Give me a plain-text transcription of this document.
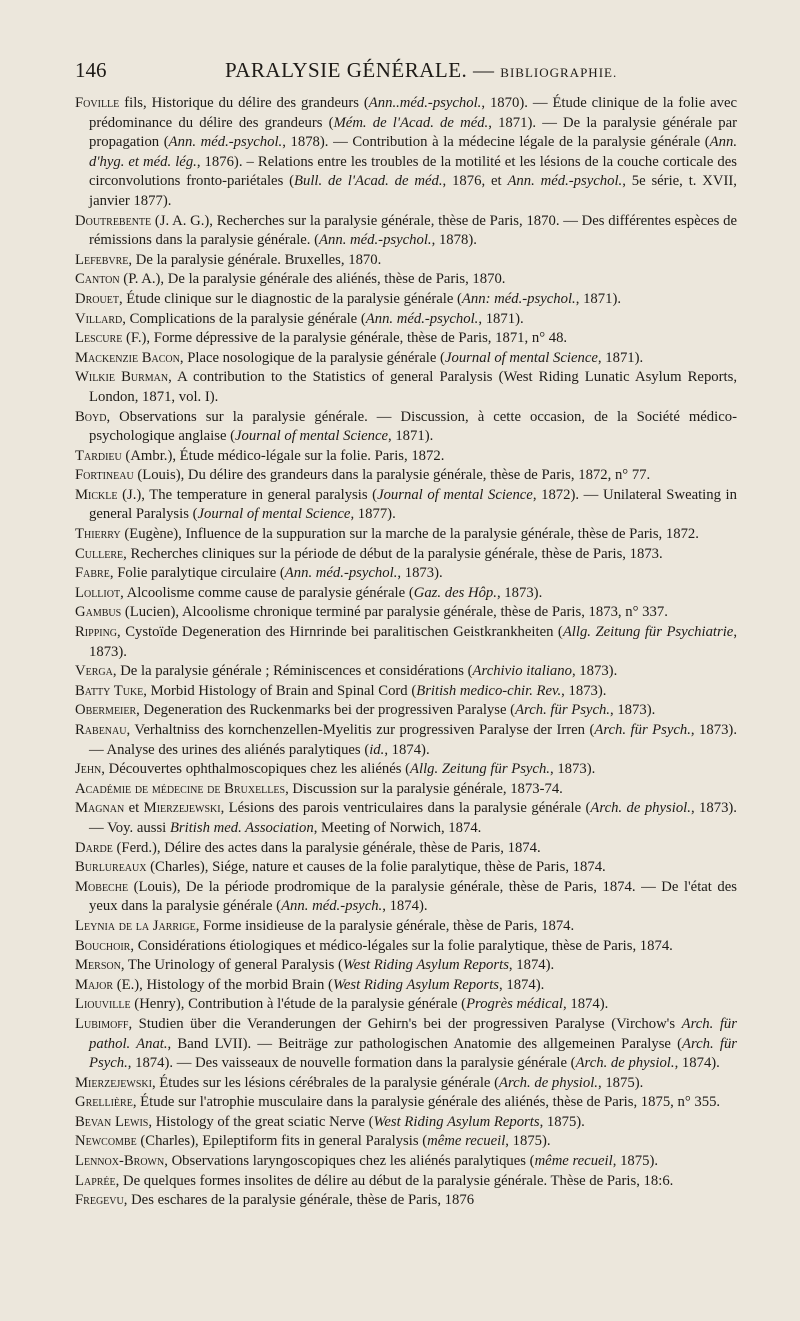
146	PARALYSIE GÉNÉRALE. — BIBLIOGRAPHIE.

Foville fils, Historique du délire des grandeurs (Ann..méd.-psychol., 1870). — Étude clinique de la folie avec prédominance du délire des grandeurs (Mém. de l'Acad. de méd., 1871). — De la paralysie générale par propagation (Ann. méd.-psychol., 1878). — Contribution à la médecine légale de la paralysie générale (Ann. d'hyg. et méd. lég., 1876). – Relations entre les troubles de la motilité et les lésions de la couche corticale des circonvolutions fronto-pariétales (Bull. de l'Acad. de méd., 1876, et Ann. méd.-psychol., 5e série, t. XVII, janvier 1877).

Doutrebente (J. A. G.), Recherches sur la paralysie générale, thèse de Paris, 1870. — Des différentes espèces de rémissions dans la paralysie générale. (Ann. méd.-psychol., 1878).

Lefebvre, De la paralysie générale. Bruxelles, 1870.

Canton (P. A.), De la paralysie générale des aliénés, thèse de Paris, 1870.

Drouet, Étude clinique sur le diagnostic de la paralysie générale (Ann: méd.-psychol., 1871).

Villard, Complications de la paralysie générale (Ann. méd.-psychol., 1871).

Lescure (F.), Forme dépressive de la paralysie générale, thèse de Paris, 1871, n° 48.

Mackenzie Bacon, Place nosologique de la paralysie générale (Journal of mental Science, 1871).

Wilkie Burman, A contribution to the Statistics of general Paralysis (West Riding Lunatic Asylum Reports, London, 1871, vol. I).

Boyd, Observations sur la paralysie générale. — Discussion, à cette occasion, de la Société médico-psychologique anglaise (Journal of mental Science, 1871).

Tardieu (Ambr.), Étude médico-légale sur la folie. Paris, 1872.

Fortineau (Louis), Du délire des grandeurs dans la paralysie générale, thèse de Paris, 1872, n° 77.

Mickle (J.), The temperature in general paralysis (Journal of mental Science, 1872). — Unilateral Sweating in general Paralysis (Journal of mental Science, 1877).

Thierry (Eugène), Influence de la suppuration sur la marche de la paralysie générale, thèse de Paris, 1872.

Cullere, Recherches cliniques sur la période de début de la paralysie générale, thèse de Paris, 1873.

Fabre, Folie paralytique circulaire (Ann. méd.-psychol., 1873).

Lolliot, Alcoolisme comme cause de paralysie générale (Gaz. des Hôp., 1873).

Gambus (Lucien), Alcoolisme chronique terminé par paralysie générale, thèse de Paris, 1873, n° 337.

Ripping, Cystoïde Degeneration des Hirnrinde bei paralitischen Geistkrankheiten (Allg. Zeitung für Psychiatrie, 1873).

Verga, De la paralysie générale ; Réminiscences et considérations (Archivio italiano, 1873).

Batty Tuke, Morbid Histology of Brain and Spinal Cord (British medico-chir. Rev., 1873).

Obermeier, Degeneration des Ruckenmarks bei der progressiven Paralyse (Arch. für Psych., 1873).

Rabenau, Verhaltniss des kornchenzellen-Myelitis zur progressiven Paralyse der Irren (Arch. für Psych., 1873). — Analyse des urines des aliénés paralytiques (id., 1874).

Jehn, Découvertes ophthalmoscopiques chez les aliénés (Allg. Zeitung für Psych., 1873).

Académie de médecine de Bruxelles, Discussion sur la paralysie générale, 1873-74.

Magnan et Mierzejewski, Lésions des parois ventriculaires dans la paralysie générale (Arch. de physiol., 1873). — Voy. aussi British med. Association, Meeting of Norwich, 1874.

Darde (Ferd.), Délire des actes dans la paralysie générale, thèse de Paris, 1874.

Burlureaux (Charles), Siége, nature et causes de la folie paralytique, thèse de Paris, 1874.

Mobeche (Louis), De la période prodromique de la paralysie générale, thèse de Paris, 1874. — De l'état des yeux dans la paralysie générale (Ann. méd.-psych., 1874).

Leynia de la Jarrige, Forme insidieuse de la paralysie générale, thèse de Paris, 1874.

Bouchoir, Considérations étiologiques et médico-légales sur la folie paralytique, thèse de Paris, 1874.

Merson, The Urinology of general Paralysis (West Riding Asylum Reports, 1874).

Major (E.), Histology of the morbid Brain (West Riding Asylum Reports, 1874).

Liouville (Henry), Contribution à l'étude de la paralysie générale (Progrès médical, 1874).

Lubimoff, Studien über die Veranderungen der Gehirn's bei der progressiven Paralyse (Virchow's Arch. für pathol. Anat., Band LVII). — Beiträge zur pathologischen Anatomie des allgemeinen Paralyse (Arch. für Psych., 1874). — Des vaisseaux de nouvelle formation dans la paralysie générale (Arch. de physiol., 1874).

Mierzejewski, Études sur les lésions cérébrales de la paralysie générale (Arch. de physiol., 1875).

Grellière, Étude sur l'atrophie musculaire dans la paralysie générale des aliénés, thèse de Paris, 1875, n° 355.

Bevan Lewis, Histology of the great sciatic Nerve (West Riding Asylum Reports, 1875).

Newcombe (Charles), Epileptiform fits in general Paralysis (même recueil, 1875).

Lennox-Brown, Observations laryngoscopiques chez les aliénés paralytiques (même recueil, 1875).

Laprée, De quelques formes insolites de délire au début de la paralysie générale. Thèse de Paris, 18:6.

Fregevu, Des eschares de la paralysie générale, thèse de Paris, 1876
